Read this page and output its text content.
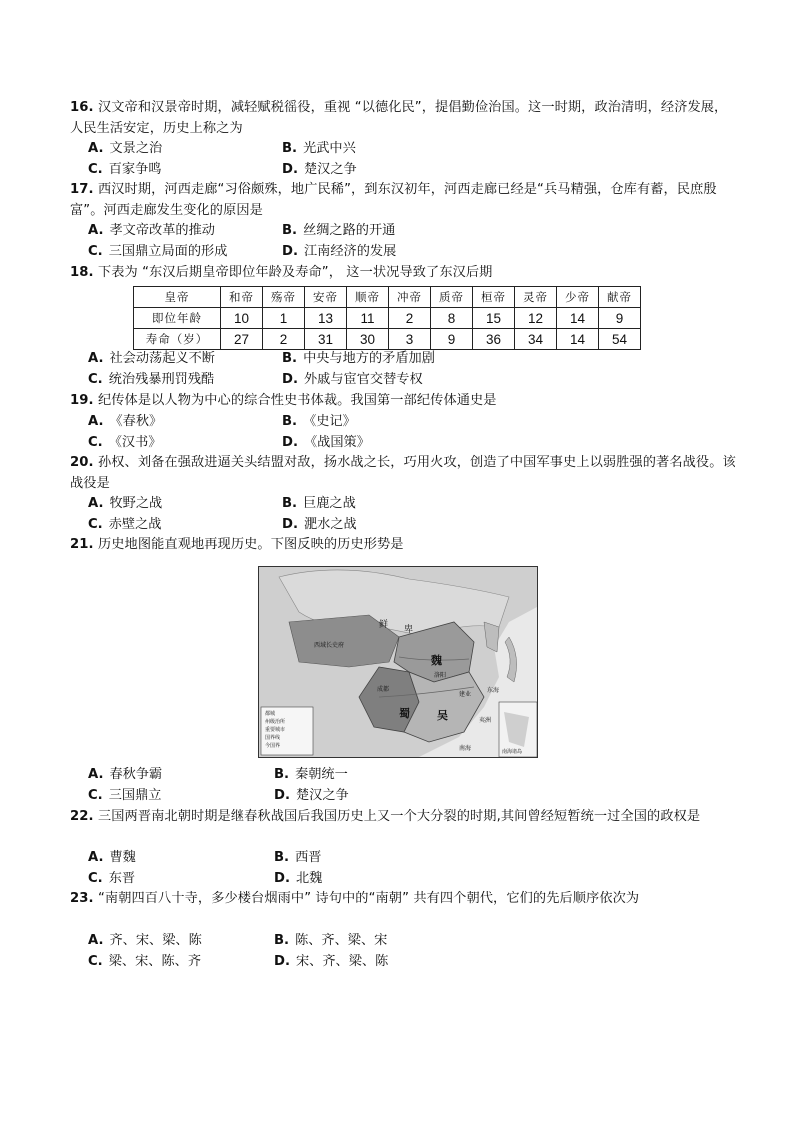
16. 汉文帝和汉景帝时期，减轻赋税徭役，重视 “以德化民”，提倡勤俭治国。这一时期，政治清明，经济发展，人民生活安定，历史上称之为
A. 文景之治	B. 光武中兴
C. 百家争鸣	D. 楚汉之争
17. 西汉时期，河西走廊“习俗颇殊，地广民稀”，到东汉初年，河西走廊已经是“兵马精强，仓库有蓄，民庶殷富”。河西走廊发生变化的原因是
A. 孝文帝改革的推动	B. 丝绸之路的开通
C. 三国鼎立局面的形成	D. 江南经济的发展
18. 下表为 “东汉后期皇帝即位年龄及寿命”， 这一状况导致了东汉后期
皇帝	和帝	殇帝	安帝	顺帝	冲帝	质帝	桓帝	灵帝	少帝	献帝
即位年龄	10	1	13	11	2	8	15	12	14	9
寿命（岁）	27	2	31	30	3	9	36	34	14	54
A. 社会动荡起义不断	B. 中央与地方的矛盾加剧
C. 统治残暴刑罚残酷	D. 外戚与宦官交替专权
19. 纪传体是以人物为中心的综合性史书体裁。我国第一部纪传体通史是
A. 《春秋》	B. 《史记》
C. 《汉书》	D. 《战国策》
20. 孙权、刘备在强敌进逼关头结盟对敌，扬水战之长，巧用火攻，创造了中国军事史上以弱胜强的著名战役。该战役是
A. 牧野之战	B. 巨鹿之战
C. 赤壁之战	D. 淝水之战
21. 历史地图能直观地再现历史。下图反映的历史形势是
鲜 卑
魏
蜀 吴
西域长史府
洛阳
成都
建业
南海
东海
夷洲
南海诸岛
都城
州级治所
重要城市
国界线
今国界
A. 春秋争霸	B. 秦朝统一
C. 三国鼎立	D. 楚汉之争
22. 三国两晋南北朝时期是继春秋战国后我国历史上又一个大分裂的时期,其间曾经短暂统一过全国的政权是
A. 曹魏	B. 西晋
C. 东晋	D. 北魏
23. “南朝四百八十寺，多少楼台烟雨中” 诗句中的“南朝” 共有四个朝代，它们的先后顺序依次为
A. 齐、宋、梁、陈	B. 陈、齐、梁、宋
C. 梁、宋、陈、齐	D. 宋、齐、梁、陈
